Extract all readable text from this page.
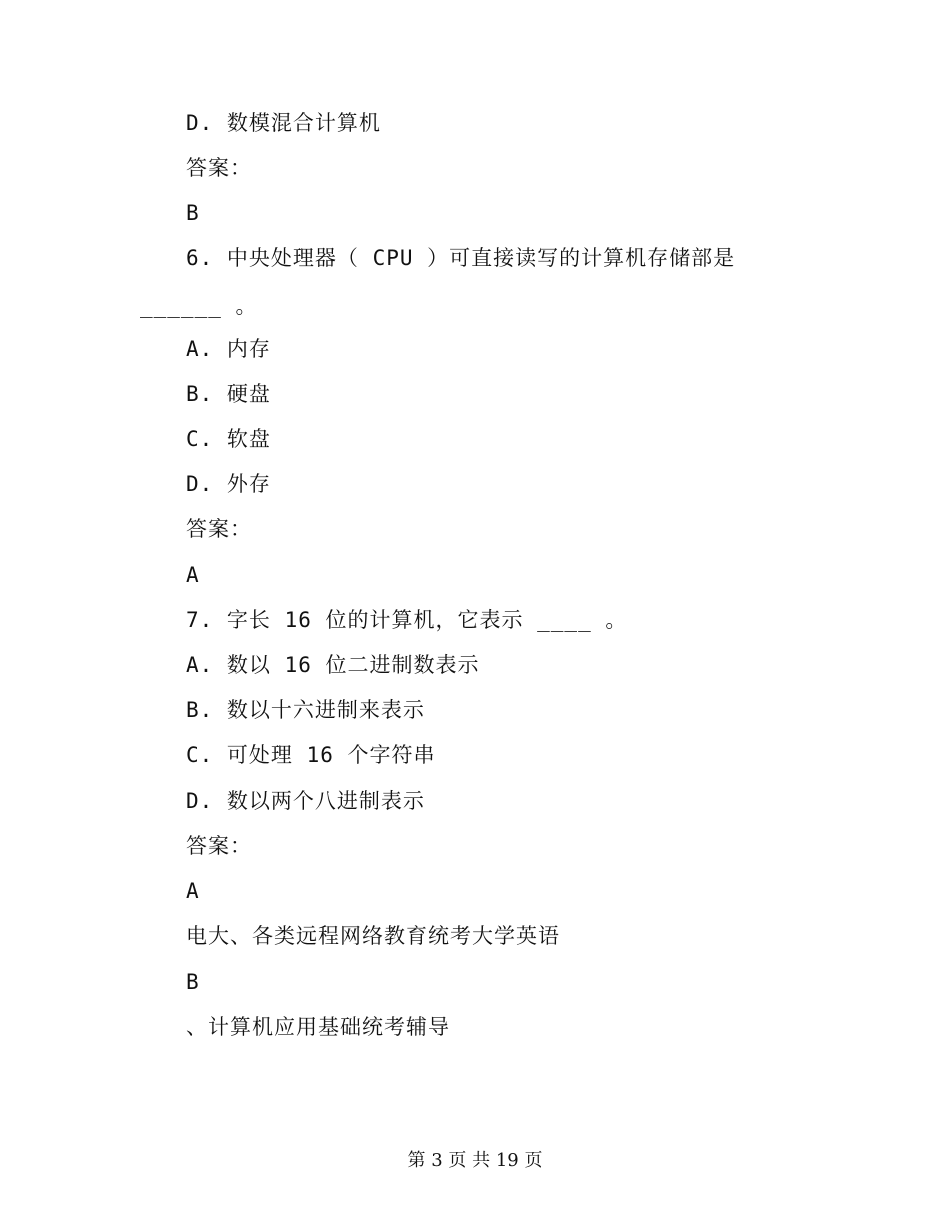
D. 数模混合计算机
答案：
B
6. 中央处理器（ CPU ）可直接读写的计算机存储部是
______ 。
A. 内存
B. 硬盘
C. 软盘
D. 外存
答案：
A
7. 字长 16 位的计算机，它表示 ____ 。
A. 数以 16 位二进制数表示
B. 数以十六进制来表示
C. 可处理 16 个字符串
D. 数以两个八进制表示
答案：
A
电大、各类远程网络教育统考大学英语
B
、计算机应用基础统考辅导
第 3 页 共 19 页
